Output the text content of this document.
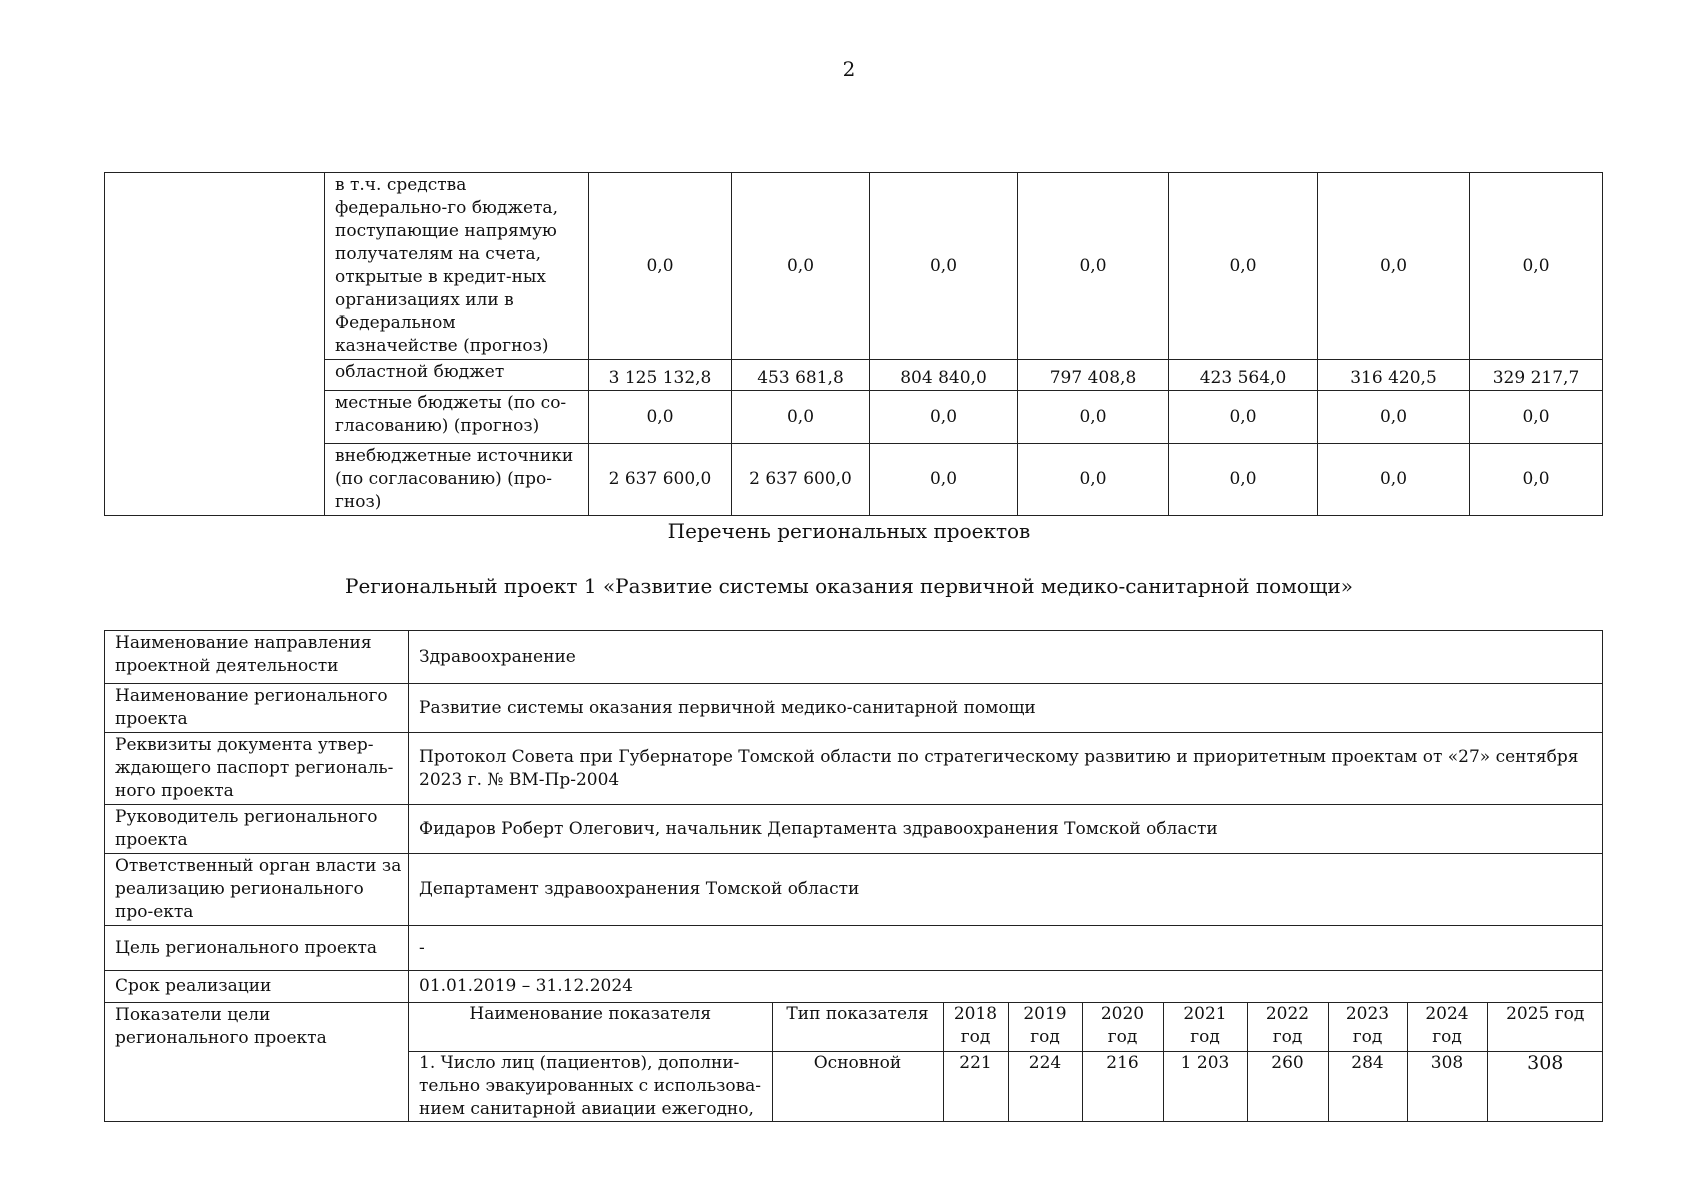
2
	в т.ч. средства федерально-го бюджета, поступающие напрямую получателям на счета, открытые в кредит-ных организациях или в Федеральном казначействе (прогноз)	0,0	0,0	0,0	0,0	0,0	0,0	0,0
	областной бюджет	3 125 132,8	453 681,8	804 840,0	797 408,8	423 564,0	316 420,5	329 217,7
	местные бюджеты (по со-гласованию) (прогноз)	0,0	0,0	0,0	0,0	0,0	0,0	0,0
	внебюджетные источники (по согласованию) (про-гноз)	2 637 600,0	2 637 600,0	0,0	0,0	0,0	0,0	0,0
Перечень региональных проектов
Региональный проект 1 «Развитие системы оказания первичной медико-санитарной помощи»
Наименование направления проектной деятельности	Здравоохранение
Наименование регионального проекта	Развитие системы оказания первичной медико-санитарной помощи
Реквизиты документа утвер-ждающего паспорт региональ-ного проекта	Протокол Совета при Губернаторе Томской области по стратегическому развитию и приоритетным проектам от «27» сентября 2023 г. № ВМ-Пр-2004
Руководитель регионального проекта	Фидаров Роберт Олегович, начальник Департамента здравоохранения Томской области
Ответственный орган власти за реализацию регионального про-екта	Департамент здравоохранения Томской области
Цель регионального проекта	-
Срок реализации	01.01.2019 – 31.12.2024
Показатели цели регионального проекта	
Наименование показателя	Тип показателя	2018 год	2019 год	2020 год	2021 год	2022 год	2023 год	2024 год	2025 год
1. Число лиц (пациентов), дополни-тельно эвакуированных с использова-нием санитарной авиации ежегодно,	Основной	221	224	216	1 203	260	284	308	308
